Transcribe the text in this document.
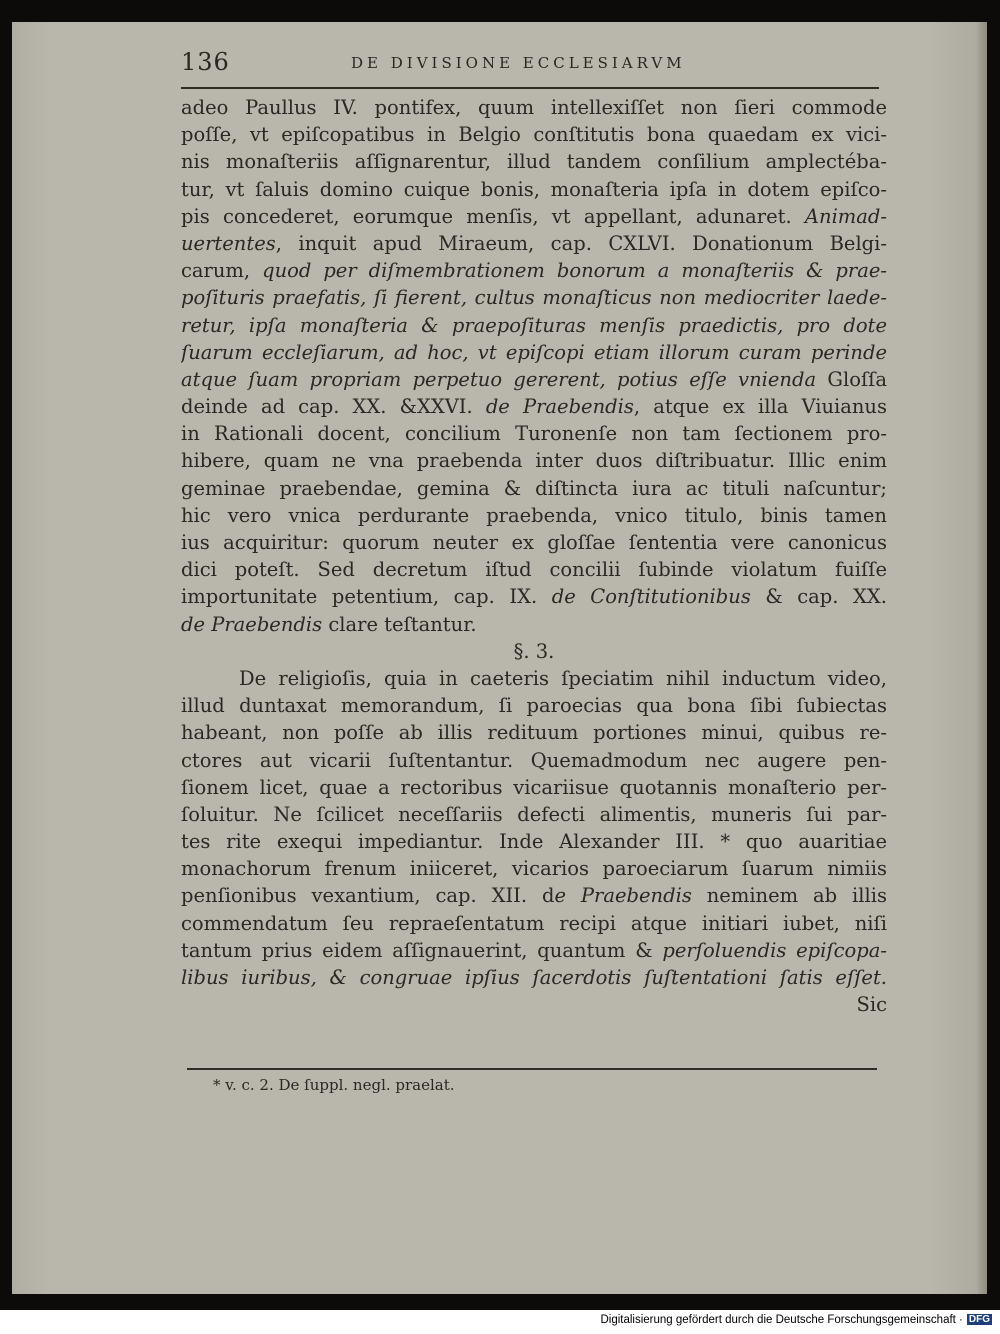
136	DE DIVISIONE ECCLESIARVM
adeo Paullus IV. pontifex, quum intellexiſſet non ſieri commode
poſſe, vt epiſcopatibus in Belgio conſtitutis bona quaedam ex vici-
nis monaſteriis aſſignarentur, illud tandem conſilium amplectéba-
tur, vt ſaluis domino cuique bonis, monaſteria ipſa in dotem epiſco-
pis concederet, eorumque menſis, vt appellant, adunaret. Animad-
uertentes, inquit apud Miraeum, cap. CXLVI. Donationum Belgi-
carum, quod per diſmembrationem bonorum a monaſteriis & prae-
poſituris praefatis, ſi fierent, cultus monaſticus non mediocriter laede-
retur, ipſa monaſteria & praepoſituras menſis praedictis, pro dote
ſuarum eccleſiarum, ad hoc, vt epiſcopi etiam illorum curam perinde
atque ſuam propriam perpetuo gererent, potius eſſe vnienda Gloſſa
deinde ad cap. XX. &XXVI. de Praebendis, atque ex illa Viuianus
in Rationali docent, concilium Turonenſe non tam ſectionem pro-
hibere, quam ne vna praebenda inter duos diſtribuatur. Illic enim
geminae praebendae, gemina & diſtincta iura ac tituli naſcuntur;
hic vero vnica perdurante praebenda, vnico titulo, binis tamen
ius acquiritur: quorum neuter ex gloſſae ſententia vere canonicus
dici poteſt. Sed decretum iſtud concilii ſubinde violatum fuiſſe
importunitate petentium, cap. IX. de Conſtitutionibus & cap. XX.
de Praebendis clare teſtantur.
§. 3.
De religioſis, quia in caeteris ſpeciatim nihil inductum video,
illud duntaxat memorandum, ſi paroecias qua bona ſibi ſubiectas
habeant, non poſſe ab illis redituum portiones minui, quibus re-
ctores aut vicarii ſuſtentantur. Quemadmodum nec augere pen-
ſionem licet, quae a rectoribus vicariisue quotannis monaſterio per-
ſoluitur. Ne ſcilicet neceſſariis defecti alimentis, muneris ſui par-
tes rite exequi impediantur. Inde Alexander III. * quo auaritiae
monachorum frenum iniiceret, vicarios paroeciarum ſuarum nimiis
penſionibus vexantium, cap. XII. de Praebendis neminem ab illis
commendatum ſeu repraeſentatum recipi atque initiari iubet, niſi
tantum prius eidem aſſignauerint, quantum & perſoluendis epiſcopa-
libus iuribus, & congruae ipſius ſacerdotis ſuſtentationi ſatis eſſet.
Sic
* v. c. 2. De ſuppl. negl. praelat.
Digitalisierung gefördert durch die Deutsche Forschungsgemeinschaft · DFG
